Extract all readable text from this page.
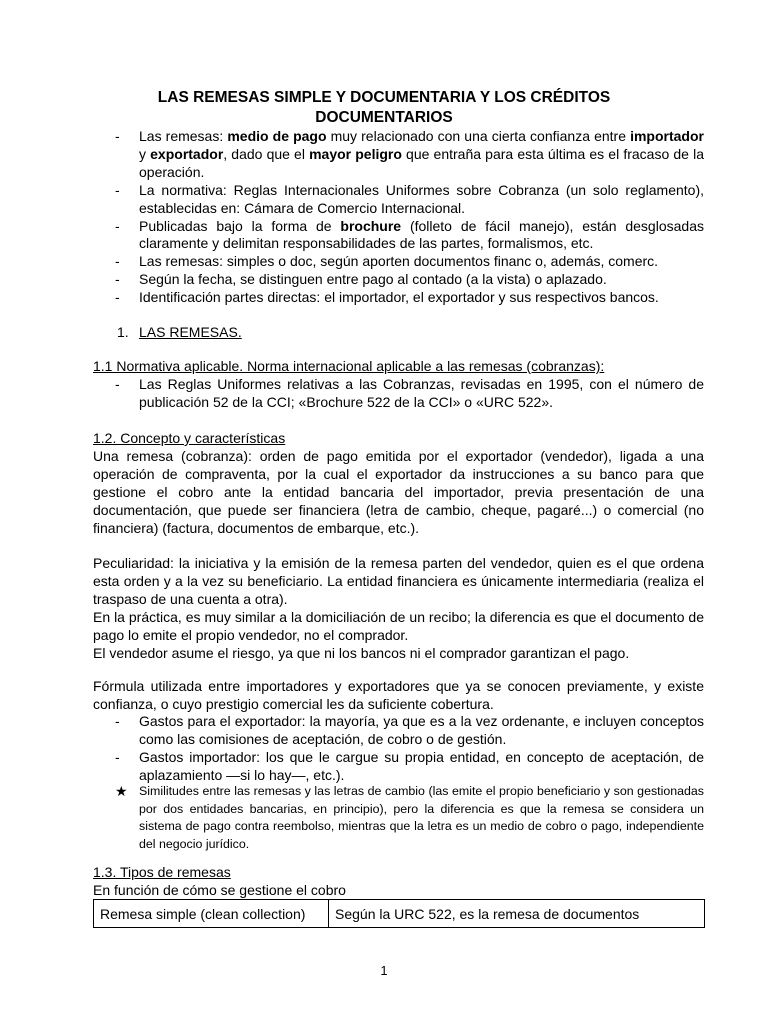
LAS REMESAS SIMPLE Y DOCUMENTARIA Y LOS CRÉDITOS
DOCUMENTARIOS
- Las remesas: medio de pago muy relacionado con una cierta confianza entre importador y exportador, dado que el mayor peligro que entraña para esta última es el fracaso de la operación.
- La normativa: Reglas Internacionales Uniformes sobre Cobranza (un solo reglamento), establecidas en: Cámara de Comercio Internacional.
- Publicadas bajo la forma de brochure (folleto de fácil manejo), están desglosadas claramente y delimitan responsabilidades de las partes, formalismos, etc.
- Las remesas: simples o doc, según aporten documentos financ o, además, comerc.
- Según la fecha, se distinguen entre pago al contado (a la vista) o aplazado.
- Identificación partes directas: el importador, el exportador y sus respectivos bancos.
1. LAS REMESAS.
1.1 Normativa aplicable. Norma internacional aplicable a las remesas (cobranzas):
- Las Reglas Uniformes relativas a las Cobranzas, revisadas en 1995, con el número de publicación 52 de la CCI; «Brochure 522 de la CCI» o «URC 522».
1.2. Concepto y características

Una remesa (cobranza): orden de pago emitida por el exportador (vendedor), ligada a una operación de compraventa, por la cual el exportador da instrucciones a su banco para que gestione el cobro ante la entidad bancaria del importador, previa presentación de una documentación, que puede ser financiera (letra de cambio, cheque, pagaré...) o comercial (no financiera) (factura, documentos de embarque, etc.).

Peculiaridad: la iniciativa y la emisión de la remesa parten del vendedor, quien es el que ordena esta orden y a la vez su beneficiario. La entidad financiera es únicamente intermediaria (realiza el traspaso de una cuenta a otra).

En la práctica, es muy similar a la domiciliación de un recibo; la diferencia es que el documento de pago lo emite el propio vendedor, no el comprador.

El vendedor asume el riesgo, ya que ni los bancos ni el comprador garantizan el pago.

Fórmula utilizada entre importadores y exportadores que ya se conocen previamente, y existe confianza, o cuyo prestigio comercial les da suficiente cobertura.

- Gastos para el exportador: la mayoría, ya que es a la vez ordenante, e incluyen conceptos como las comisiones de aceptación, de cobro o de gestión.
- Gastos importador: los que le cargue su propia entidad, en concepto de aceptación, de aplazamiento —si lo hay—, etc.).
★ Similitudes entre las remesas y las letras de cambio (las emite el propio beneficiario y son gestionadas por dos entidades bancarias, en principio), pero la diferencia es que la remesa se considera un sistema de pago contra reembolso, mientras que la letra es un medio de cobro o pago, independiente del negocio jurídico.
1.3. Tipos de remesas
En función de cómo se gestione el cobro
Remesa simple (clean collection)	Según la URC 522, es la remesa de documentos
1
